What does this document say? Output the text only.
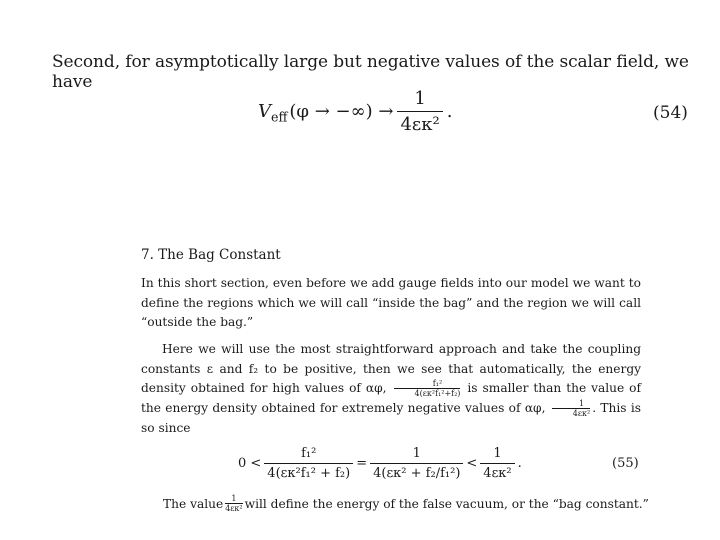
Second, for asymptotically large but negative values of the scalar field, we have
$V_{eff}$ (φ → −∞) → $\frac{1}{\text{4εκ²}}$ .	(54)
7. The Bag Constant
In this short section, even before we add gauge fields into our model we want to define the regions which we will call “inside the bag” and the region we will call “outside the bag.”
Here we will use the most straightforward approach and take the coupling constants ε and f₂ to be positive, then we see that automatically, the energy density obtained for high values of αφ, $\frac{\text{f₁²}}{\text{4(εκ²f₁²+f₂)}}$ is smaller than the value of the energy density obtained for extremely negative values of αφ, $\frac{1}{\text{4εκ²}}$ . This is so since
$0 < \frac{\text{f₁²}}{\text{4(εκ²f₁² + f₂)}} = \frac{1}{\text{4(εκ² + f₂/f₁²)}} < \frac{1}{\text{4εκ²}}$ .	(55)
The value $\frac{1}{\text{4εκ²}}$ will define the energy of the false vacuum, or the “bag constant.”
